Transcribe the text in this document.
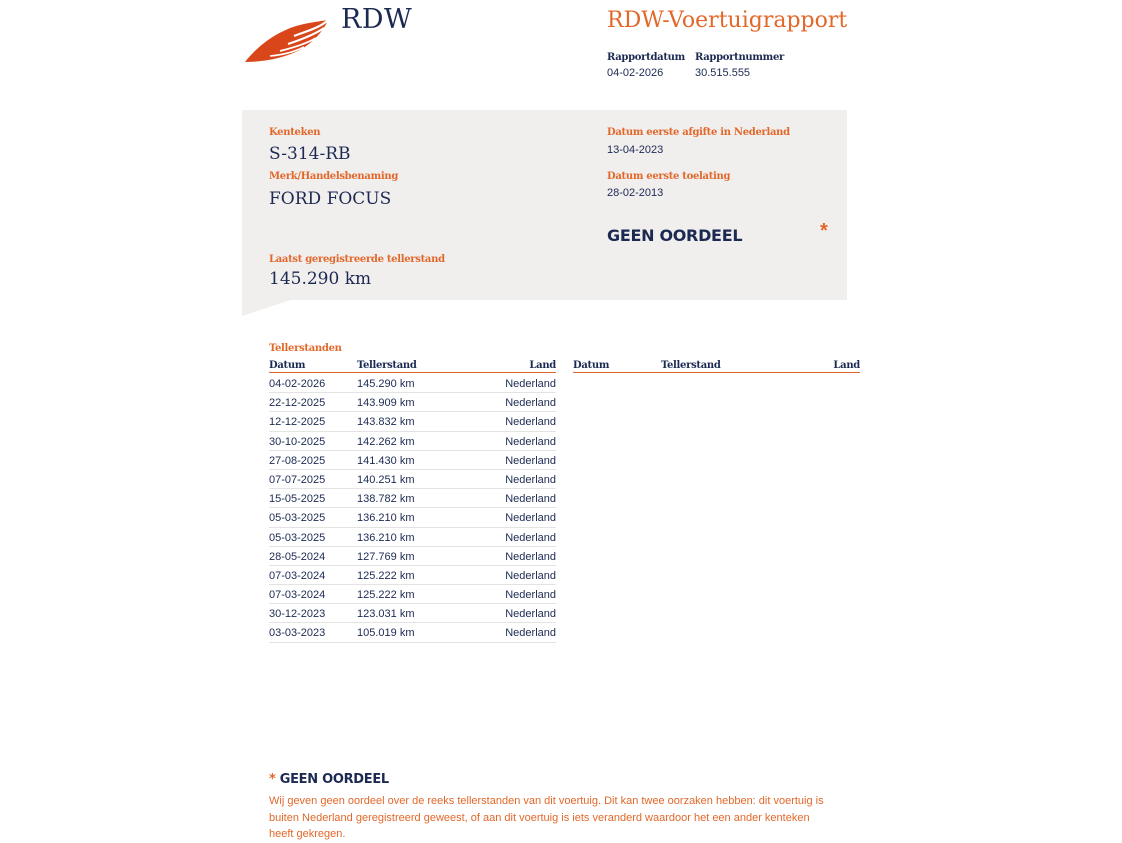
RDW	RDW-Voertuigrapport
Rapportdatum
04-02-2026
Rapportnummer
30.515.555
Kenteken
S-314-RB
Merk/Handelsbenaming
FORD FOCUS
Datum eerste afgifte in Nederland
13-04-2023
Datum eerste toelating
28-02-2013
GEEN OORDEEL	*
Laatst geregistreerde tellerstand
145.290 km
Tellerstanden
Datum	Tellerstand	Land
04-02-2026	145.290 km	Nederland
22-12-2025	143.909 km	Nederland
12-12-2025	143.832 km	Nederland
30-10-2025	142.262 km	Nederland
27-08-2025	141.430 km	Nederland
07-07-2025	140.251 km	Nederland
15-05-2025	138.782 km	Nederland
05-03-2025	136.210 km	Nederland
05-03-2025	136.210 km	Nederland
28-05-2024	127.769 km	Nederland
07-03-2024	125.222 km	Nederland
07-03-2024	125.222 km	Nederland
30-12-2023	123.031 km	Nederland
03-03-2023	105.019 km	Nederland
Datum	Tellerstand	Land
* GEEN OORDEEL
Wij geven geen oordeel over de reeks tellerstanden van dit voertuig. Dit kan twee oorzaken hebben: dit voertuig is buiten Nederland geregistreerd geweest, of aan dit voertuig is iets veranderd waardoor het een ander kenteken heeft gekregen.
